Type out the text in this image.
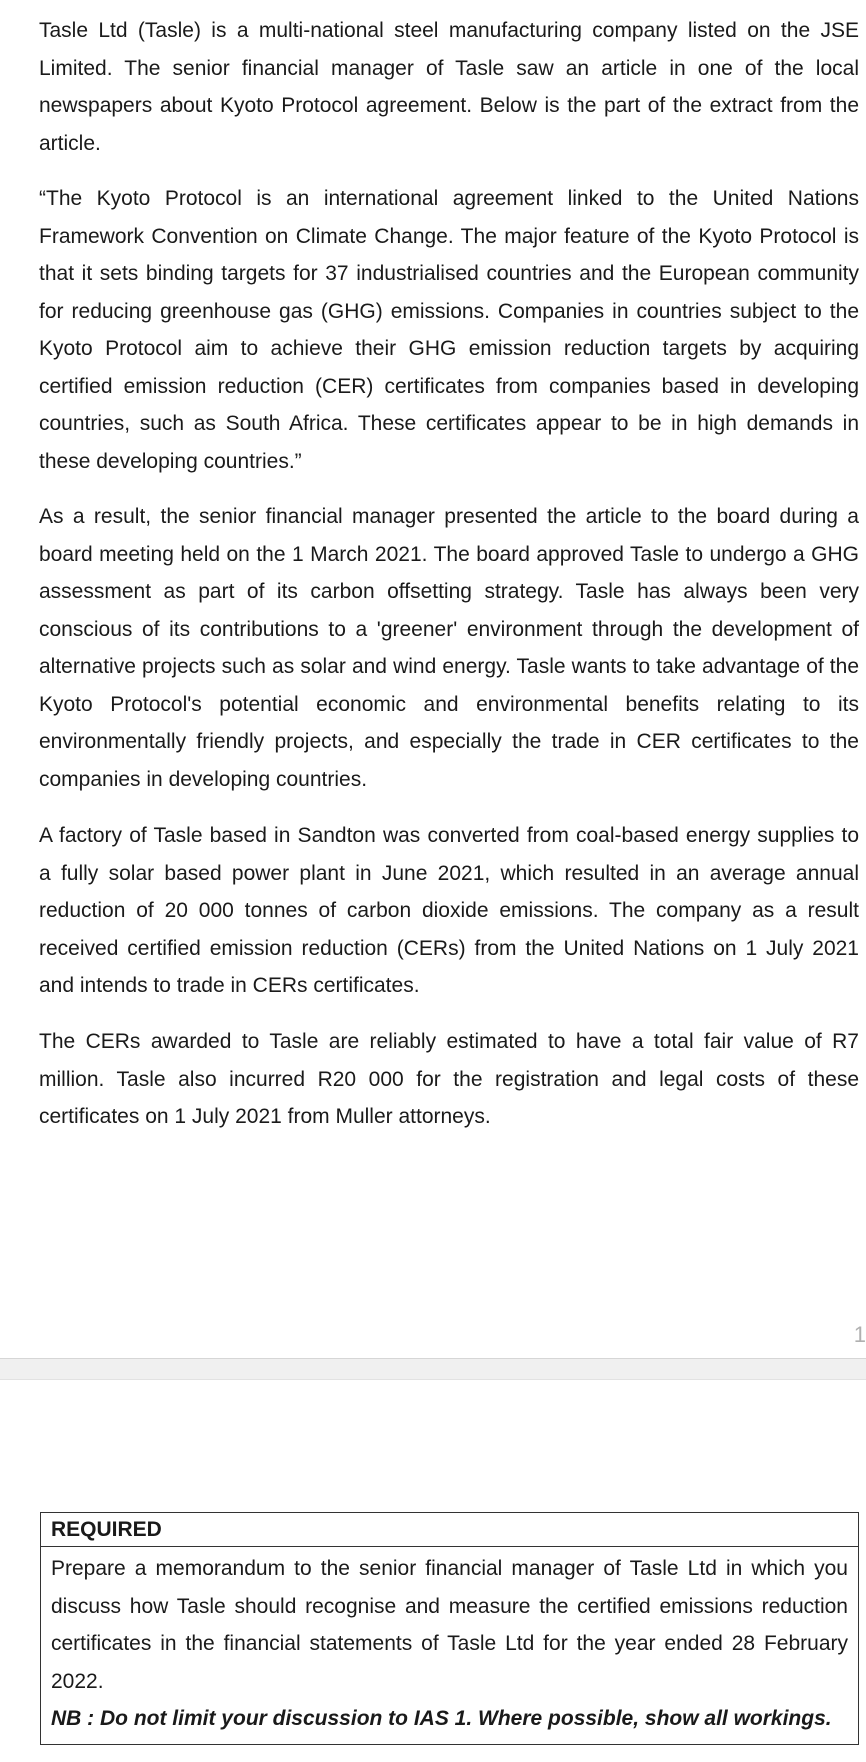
Tasle Ltd (Tasle) is a multi-national steel manufacturing company listed on the JSE Limited. The senior financial manager of Tasle saw an article in one of the local newspapers about Kyoto Protocol agreement. Below is the part of the extract from the article.

“The Kyoto Protocol is an international agreement linked to the United Nations Framework Convention on Climate Change. The major feature of the Kyoto Protocol is that it sets binding targets for 37 industrialised countries and the European community for reducing greenhouse gas (GHG) emissions. Companies in countries subject to the Kyoto Protocol aim to achieve their GHG emission reduction targets by acquiring certified emission reduction (CER) certificates from companies based in developing countries, such as South Africa. These certificates appear to be in high demands in these developing countries.”

As a result, the senior financial manager presented the article to the board during a board meeting held on the 1 March 2021. The board approved Tasle to undergo a GHG assessment as part of its carbon offsetting strategy. Tasle has always been very conscious of its contributions to a 'greener' environment through the development of alternative projects such as solar and wind energy. Tasle wants to take advantage of the Kyoto Protocol's potential economic and environmental benefits relating to its environmentally friendly projects, and especially the trade in CER certificates to the companies in developing countries.

A factory of Tasle based in Sandton was converted from coal-based energy supplies to a fully solar based power plant in June 2021, which resulted in an average annual reduction of 20 000 tonnes of carbon dioxide emissions. The company as a result received certified emission reduction (CERs) from the United Nations on 1 July 2021 and intends to trade in CERs certificates.

The CERs awarded to Tasle are reliably estimated to have a total fair value of R7 million. Tasle also incurred R20 000 for the registration and legal costs of these certificates on 1 July 2021 from Muller attorneys.

1
REQUIRED

Prepare a memorandum to the senior financial manager of Tasle Ltd in which you discuss how Tasle should recognise and measure the certified emissions reduction certificates in the financial statements of Tasle Ltd for the year ended 28 February 2022.

NB : Do not limit your discussion to IAS 1. Where possible, show all workings.
